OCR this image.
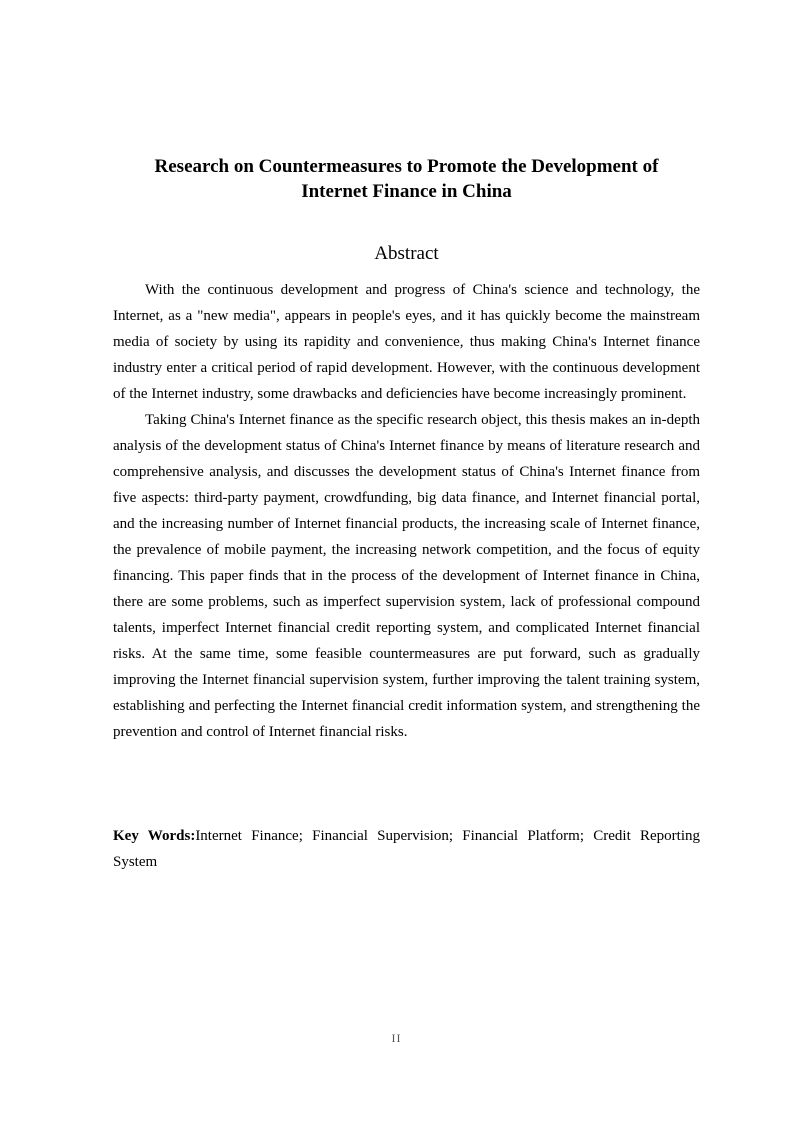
Research on Countermeasures to Promote the Development of
Internet Finance in China
Abstract

With the continuous development and progress of China's science and technology, the Internet, as a "new media", appears in people's eyes, and it has quickly become the mainstream media of society by using its rapidity and convenience, thus making China's Internet finance industry enter a critical period of rapid development. However, with the continuous development of the Internet industry, some drawbacks and deficiencies have become increasingly prominent.

Taking China's Internet finance as the specific research object, this thesis makes an in-depth analysis of the development status of China's Internet finance by means of literature research and comprehensive analysis, and discusses the development status of China's Internet finance from five aspects: third-party payment, crowdfunding, big data finance, and Internet financial portal, and the increasing number of Internet financial products, the increasing scale of Internet finance, the prevalence of mobile payment, the increasing network competition, and the focus of equity financing. This paper finds that in the process of the development of Internet finance in China, there are some problems, such as imperfect supervision system, lack of professional compound talents, imperfect Internet financial credit reporting system, and complicated Internet financial risks. At the same time, some feasible countermeasures are put forward, such as gradually improving the Internet financial supervision system, further improving the talent training system, establishing and perfecting the Internet financial credit information system, and strengthening the prevention and control of Internet financial risks.

Key Words:Internet Finance; Financial Supervision; Financial Platform; Credit Reporting System

II
